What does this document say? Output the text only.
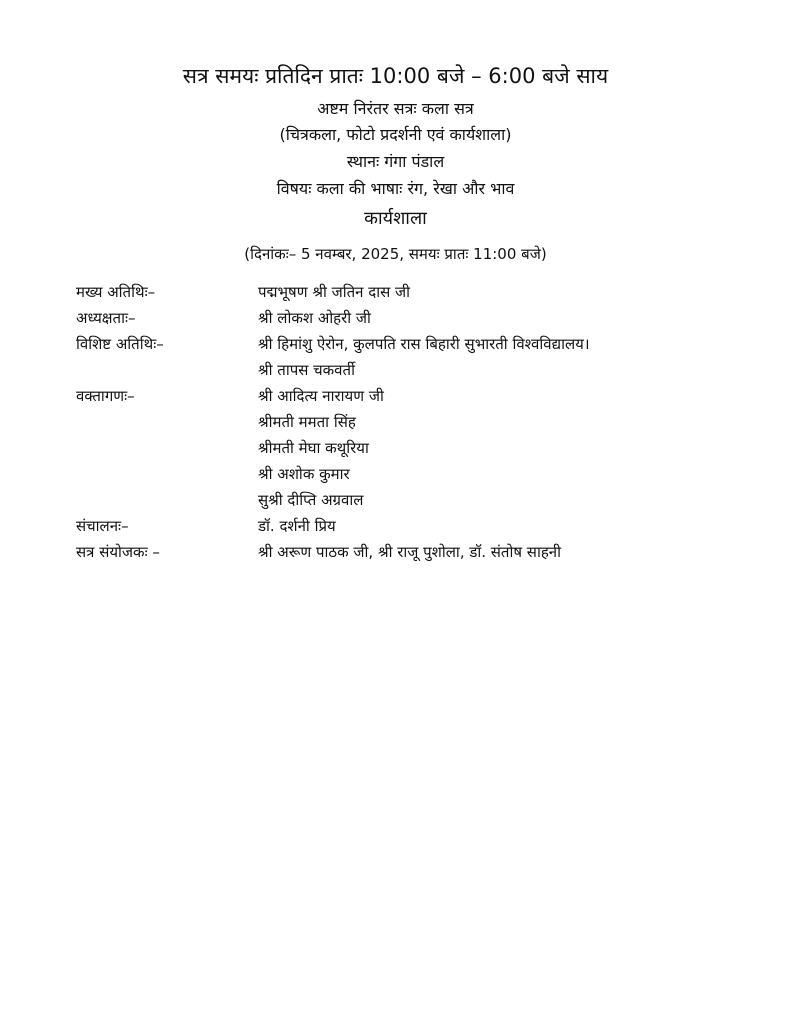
सत्र समयः प्रतिदिन प्रातः 10:00 बजे – 6:00 बजे साय
अष्टम निरंतर सत्रः कला सत्र
(चित्रकला, फोटो प्रदर्शनी एवं कार्यशाला)
स्थानः गंगा पंडाल
विषयः कला की भाषाः रंग, रेखा और भाव
कार्यशाला
(दिनांकः– 5 नवम्बर, 2025, समयः प्रातः 11:00 बजे)
मख्य अतिथिः–	पद्मभूषण श्री जतिन दास जी
अध्यक्षताः–	श्री लोकश ओहरी जी
विशिष्ट अतिथिः–	श्री हिमांशु ऐरोन, कुलपति रास बिहारी सुभारती विश्वविद्यालय।
श्री तापस चकवर्ती
वक्तागणः–	श्री आदित्य नारायण जी
श्रीमती ममता सिंह
श्रीमती मेघा कथूरिया
श्री अशोक कुमार
सुश्री दीप्ति अग्रवाल
संचालनः–	डॉ. दर्शनी प्रिय
सत्र संयोजकः –	श्री अरूण पाठक जी, श्री राजू पुशोला, डॉ. संतोष साहनी
